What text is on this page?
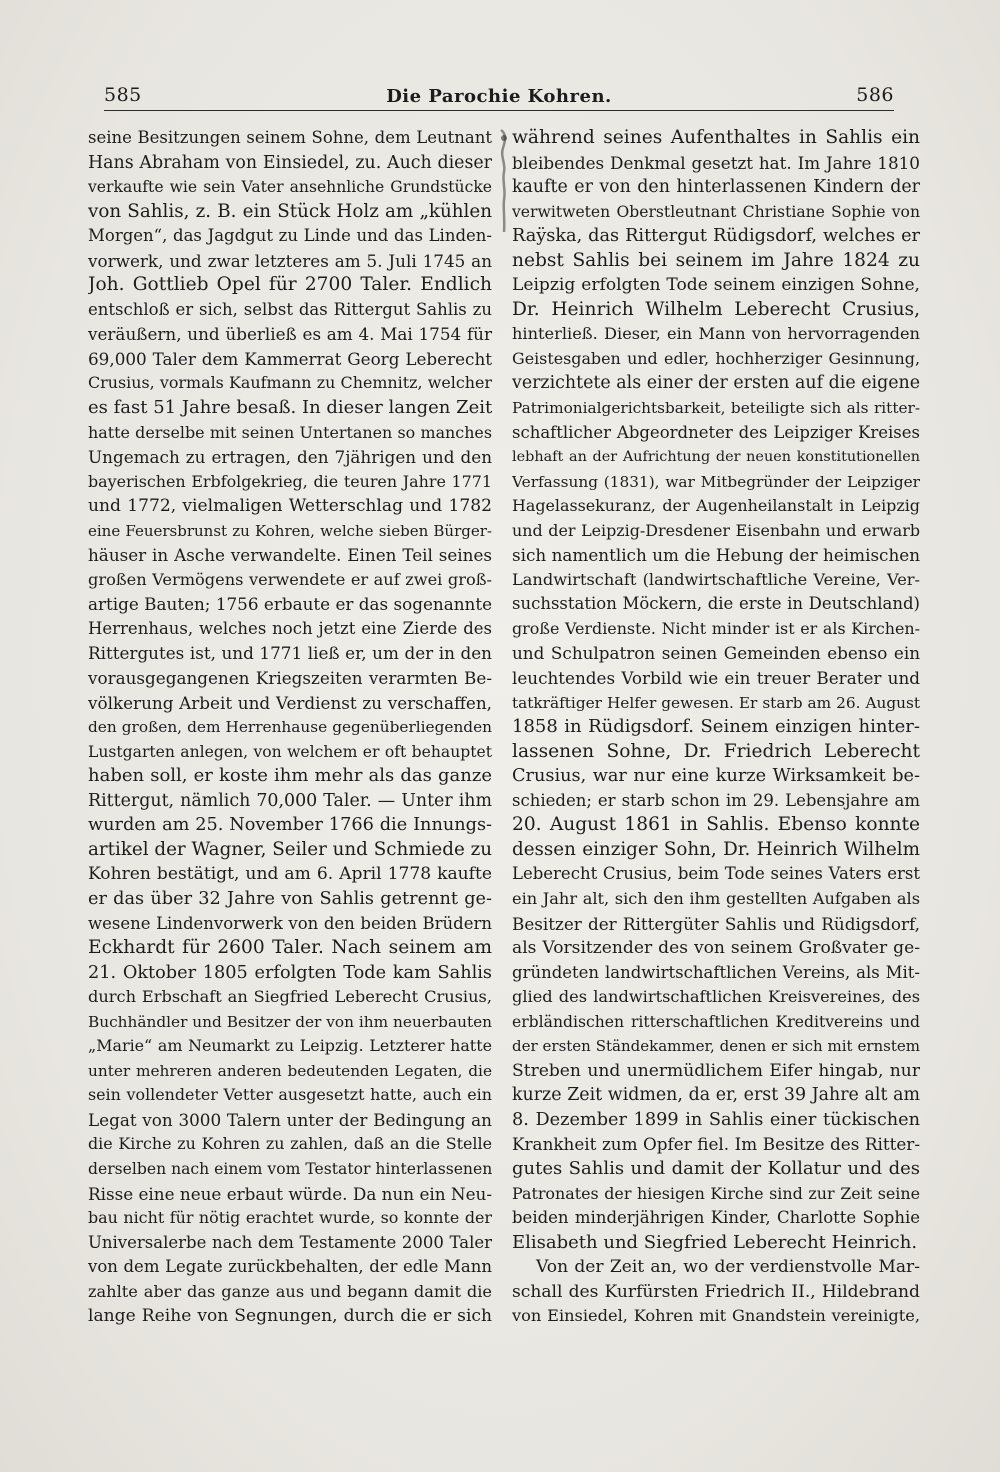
585	Die Parochie Kohren.	586
seine Besitzungen seinem Sohne, dem Leutnant
Hans Abraham von Einsiedel, zu. Auch dieser
verkaufte wie sein Vater ansehnliche Grundstücke
von Sahlis, z. B. ein Stück Holz am „kühlen
Morgen“, das Jagdgut zu Linde und das Linden-
vorwerk, und zwar letzteres am 5. Juli 1745 an
Joh. Gottlieb Opel für 2700 Taler. Endlich
entschloß er sich, selbst das Rittergut Sahlis zu
veräußern, und überließ es am 4. Mai 1754 für
69,000 Taler dem Kammerrat Georg Leberecht
Crusius, vormals Kaufmann zu Chemnitz, welcher
es fast 51 Jahre besaß. In dieser langen Zeit
hatte derselbe mit seinen Untertanen so manches
Ungemach zu ertragen, den 7jährigen und den
bayerischen Erbfolgekrieg, die teuren Jahre 1771
und 1772, vielmaligen Wetterschlag und 1782
eine Feuersbrunst zu Kohren, welche sieben Bürger-
häuser in Asche verwandelte. Einen Teil seines
großen Vermögens verwendete er auf zwei groß-
artige Bauten; 1756 erbaute er das sogenannte
Herrenhaus, welches noch jetzt eine Zierde des
Rittergutes ist, und 1771 ließ er, um der in den
vorausgegangenen Kriegszeiten verarmten Be-
völkerung Arbeit und Verdienst zu verschaffen,
den großen, dem Herrenhause gegenüberliegenden
Lustgarten anlegen, von welchem er oft behauptet
haben soll, er koste ihm mehr als das ganze
Rittergut, nämlich 70,000 Taler. — Unter ihm
wurden am 25. November 1766 die Innungs-
artikel der Wagner, Seiler und Schmiede zu
Kohren bestätigt, und am 6. April 1778 kaufte
er das über 32 Jahre von Sahlis getrennt ge-
wesene Lindenvorwerk von den beiden Brüdern
Eckhardt für 2600 Taler. Nach seinem am
21. Oktober 1805 erfolgten Tode kam Sahlis
durch Erbschaft an Siegfried Leberecht Crusius,
Buchhändler und Besitzer der von ihm neuerbauten
„Marie“ am Neumarkt zu Leipzig. Letzterer hatte
unter mehreren anderen bedeutenden Legaten, die
sein vollendeter Vetter ausgesetzt hatte, auch ein
Legat von 3000 Talern unter der Bedingung an
die Kirche zu Kohren zu zahlen, daß an die Stelle
derselben nach einem vom Testator hinterlassenen
Risse eine neue erbaut würde. Da nun ein Neu-
bau nicht für nötig erachtet wurde, so konnte der
Universalerbe nach dem Testamente 2000 Taler
von dem Legate zurückbehalten, der edle Mann
zahlte aber das ganze aus und begann damit die
lange Reihe von Segnungen, durch die er sich
während seines Aufenthaltes in Sahlis ein
bleibendes Denkmal gesetzt hat. Im Jahre 1810
kaufte er von den hinterlassenen Kindern der
verwitweten Oberstleutnant Christiane Sophie von
Raÿska, das Rittergut Rüdigsdorf, welches er
nebst Sahlis bei seinem im Jahre 1824 zu
Leipzig erfolgten Tode seinem einzigen Sohne,
Dr. Heinrich Wilhelm Leberecht Crusius,
hinterließ. Dieser, ein Mann von hervorragenden
Geistesgaben und edler, hochherziger Gesinnung,
verzichtete als einer der ersten auf die eigene
Patrimonialgerichtsbarkeit, beteiligte sich als ritter-
schaftlicher Abgeordneter des Leipziger Kreises
lebhaft an der Aufrichtung der neuen konstitutionellen
Verfassung (1831), war Mitbegründer der Leipziger
Hagelassekuranz, der Augenheilanstalt in Leipzig
und der Leipzig-Dresdener Eisenbahn und erwarb
sich namentlich um die Hebung der heimischen
Landwirtschaft (landwirtschaftliche Vereine, Ver-
suchsstation Möckern, die erste in Deutschland)
große Verdienste. Nicht minder ist er als Kirchen-
und Schulpatron seinen Gemeinden ebenso ein
leuchtendes Vorbild wie ein treuer Berater und
tatkräftiger Helfer gewesen. Er starb am 26. August
1858 in Rüdigsdorf. Seinem einzigen hinter-
lassenen Sohne, Dr. Friedrich Leberecht
Crusius, war nur eine kurze Wirksamkeit be-
schieden; er starb schon im 29. Lebensjahre am
20. August 1861 in Sahlis. Ebenso konnte
dessen einziger Sohn, Dr. Heinrich Wilhelm
Leberecht Crusius, beim Tode seines Vaters erst
ein Jahr alt, sich den ihm gestellten Aufgaben als
Besitzer der Rittergüter Sahlis und Rüdigsdorf,
als Vorsitzender des von seinem Großvater ge-
gründeten landwirtschaftlichen Vereins, als Mit-
glied des landwirtschaftlichen Kreisvereines, des
erbländischen ritterschaftlichen Kreditvereins und
der ersten Ständekammer, denen er sich mit ernstem
Streben und unermüdlichem Eifer hingab, nur
kurze Zeit widmen, da er, erst 39 Jahre alt am
8. Dezember 1899 in Sahlis einer tückischen
Krankheit zum Opfer fiel. Im Besitze des Ritter-
gutes Sahlis und damit der Kollatur und des
Patronates der hiesigen Kirche sind zur Zeit seine
beiden minderjährigen Kinder, Charlotte Sophie
Elisabeth und Siegfried Leberecht Heinrich.
Von der Zeit an, wo der verdienstvolle Mar-
schall des Kurfürsten Friedrich II., Hildebrand
von Einsiedel, Kohren mit Gnandstein vereinigte,
